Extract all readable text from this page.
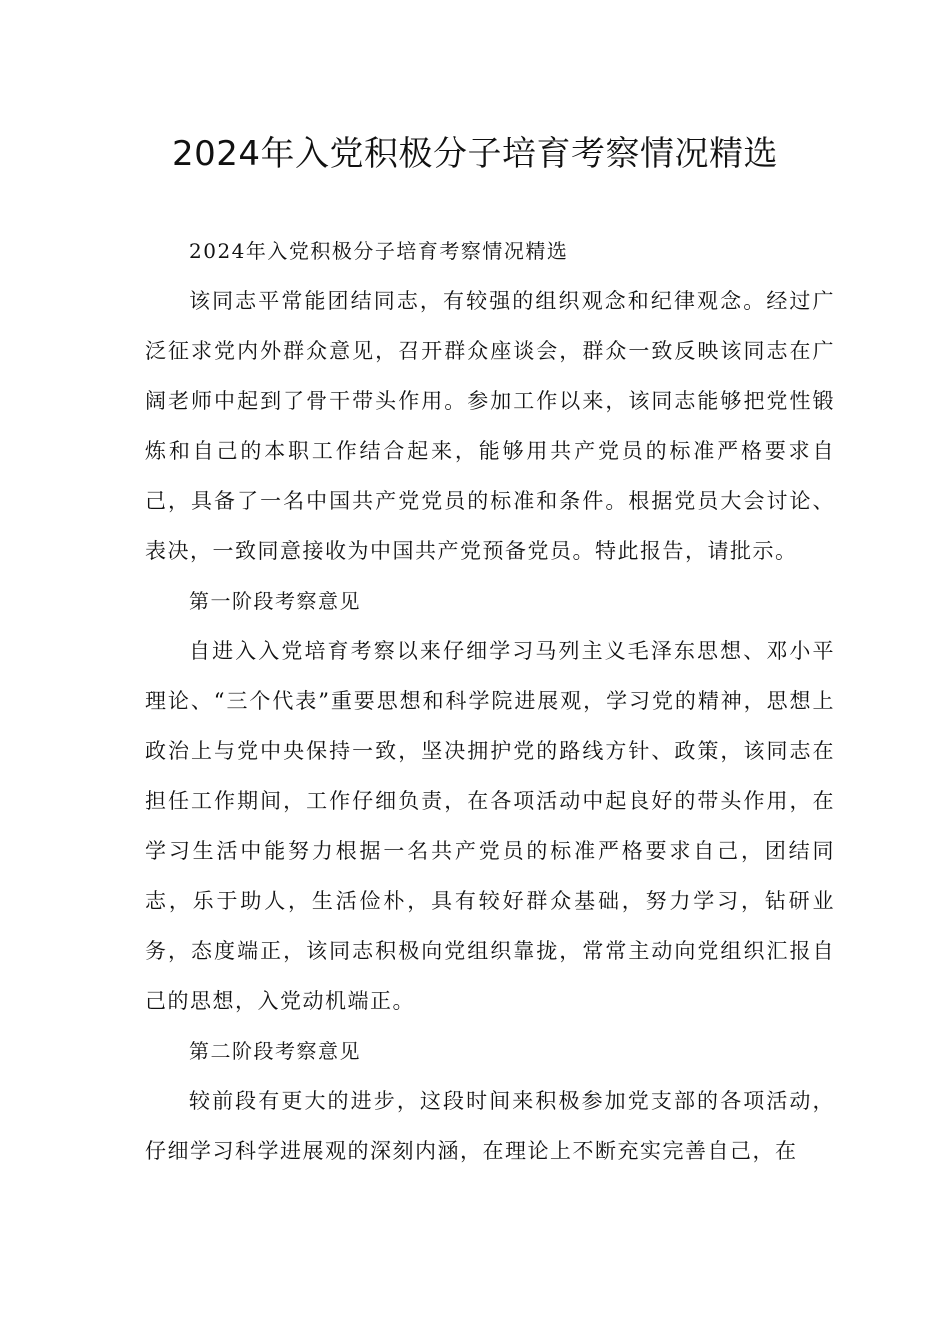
2024年入党积极分子培育考察情况精选

2024年入党积极分子培育考察情况精选

该同志平常能团结同志，有较强的组织观念和纪律观念。经过广泛征求党内外群众意见，召开群众座谈会，群众一致反映该同志在广阔老师中起到了骨干带头作用。参加工作以来，该同志能够把党性锻炼和自己的本职工作结合起来，能够用共产党员的标准严格要求自己，具备了一名中国共产党党员的标准和条件。根据党员大会讨论、表决，一致同意接收为中国共产党预备党员。特此报告，请批示。

第一阶段考察意见

自进入入党培育考察以来仔细学习马列主义毛泽东思想、邓小平理论、“三个代表”重要思想和科学院进展观，学习党的精神，思想上政治上与党中央保持一致，坚决拥护党的路线方针、政策，该同志在担任工作期间，工作仔细负责，在各项活动中起良好的带头作用，在学习生活中能努力根据一名共产党员的标准严格要求自己，团结同志，乐于助人，生活俭朴，具有较好群众基础，努力学习，钻研业务，态度端正，该同志积极向党组织靠拢，常常主动向党组织汇报自己的思想，入党动机端正。

第二阶段考察意见

较前段有更大的进步，这段时间来积极参加党支部的各项活动，仔细学习科学进展观的深刻内涵，在理论上不断充实完善自己，在
